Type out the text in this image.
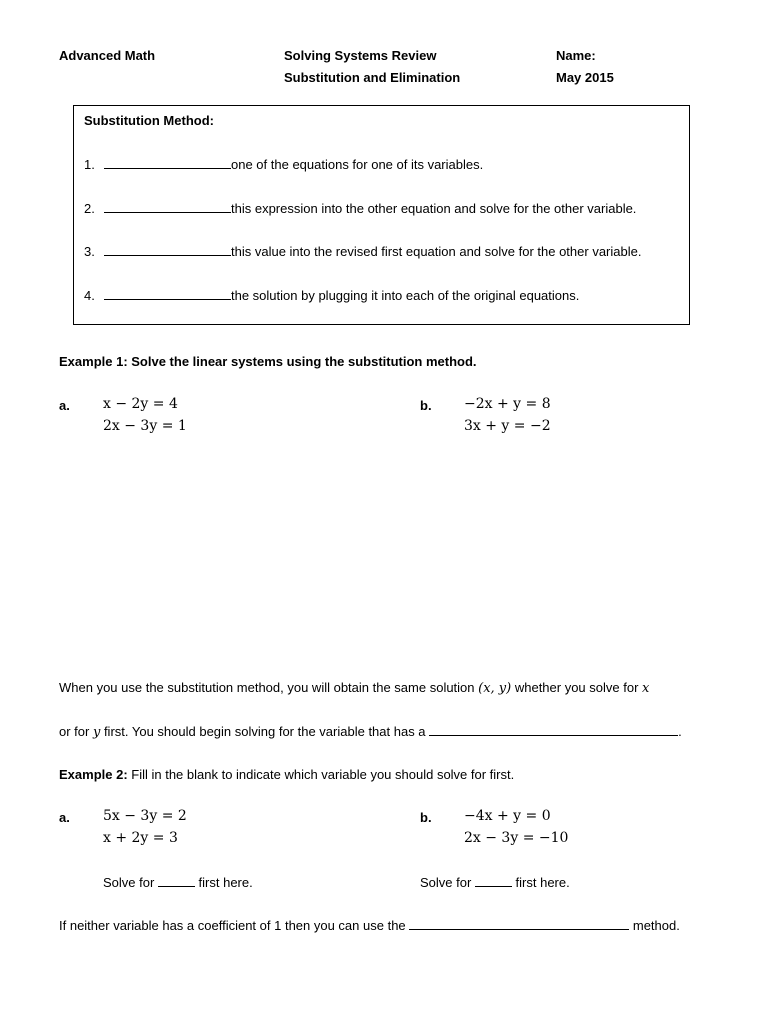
Advanced Math	Solving Systems Review
Substitution and Elimination
Name:
May 2015
Substitution Method:
1.	one of the equations for one of its variables.
2.	this expression into the other equation and solve for the other variable.
3.	this value into the revised first equation and solve for the other variable.
4.	the solution by plugging it into each of the original equations.
Example 1: Solve the linear systems using the substitution method.
a. x − 2y = 4
2x − 3y = 1
b. −2x + y = 8
3x + y = −2
When you use the substitution method, you will obtain the same solution (x, y) whether you solve for x
or for y first. You should begin solving for the variable that has a	.
Example 2: Fill in the blank to indicate which variable you should solve for first.
a. 5x − 3y = 2
x + 2y = 3
b. −4x + y = 0
2x − 3y = −10
Solve for	first here.	Solve for	first here.
If neither variable has a coefficient of 1 then you can use the	method.
